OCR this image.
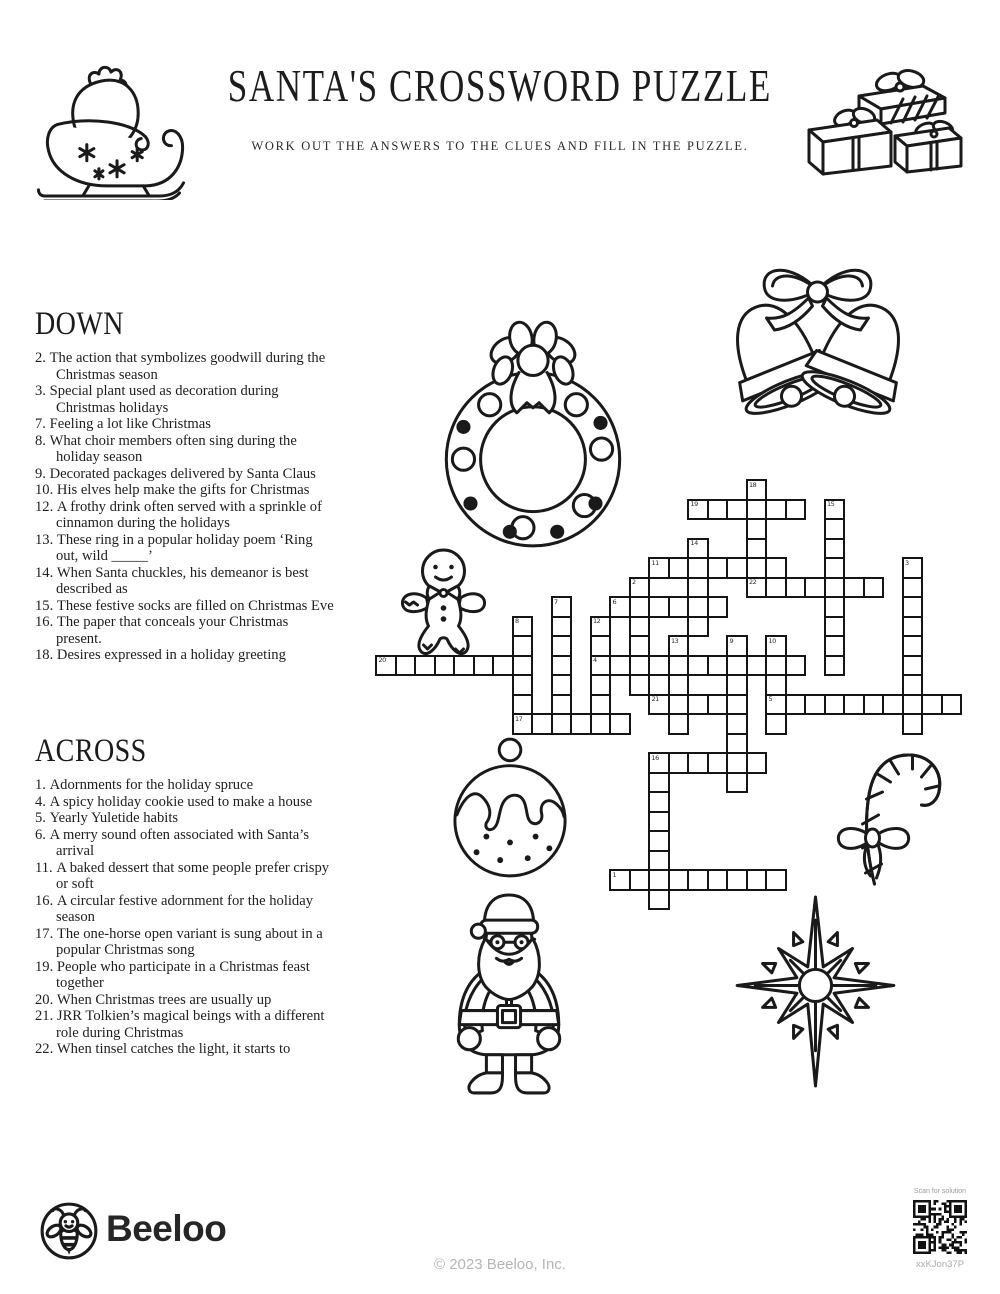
SANTA'S CROSSWORD PUZZLE
WORK OUT THE ANSWERS TO THE CLUES AND FILL IN THE PUZZLE.
DOWN
2. The action that symbolizes goodwill during the Christmas season
3. Special plant used as decoration during Christmas holidays
7. Feeling a lot like Christmas
8. What choir members often sing during the holiday season
9. Decorated packages delivered by Santa Claus
10. His elves help make the gifts for Christmas
12. A frothy drink often served with a sprinkle of cinnamon during the holidays
13. These ring in a popular holiday poem ‘Ring out, wild _____’
14. When Santa chuckles, his demeanor is best described as
15. These festive socks are filled on Christmas Eve
16. The paper that conceals your Christmas present.
18. Desires expressed in a holiday greeting
ACROSS
1. Adornments for the holiday spruce
4. A spicy holiday cookie used to make a house
5. Yearly Yuletide habits
6. A merry sound often associated with Santa’s arrival
11. A baked dessert that some people prefer crispy or soft
16. A circular festive adornment for the holiday season
17. The one-horse open variant is sung about in a popular Christmas song
19. People who participate in a Christmas feast together
20. When Christmas trees are usually up
21. JRR Tolkien’s magical beings with a different role during Christmas
22. When tinsel catches the light, it starts to
18
22
19	15
14
11	3
2
6
7
8
17
12
4
13	9	10
5
20
21
16
1
Beeloo
© 2023 Beeloo, Inc.
Scan for solution
xxKJon37P
